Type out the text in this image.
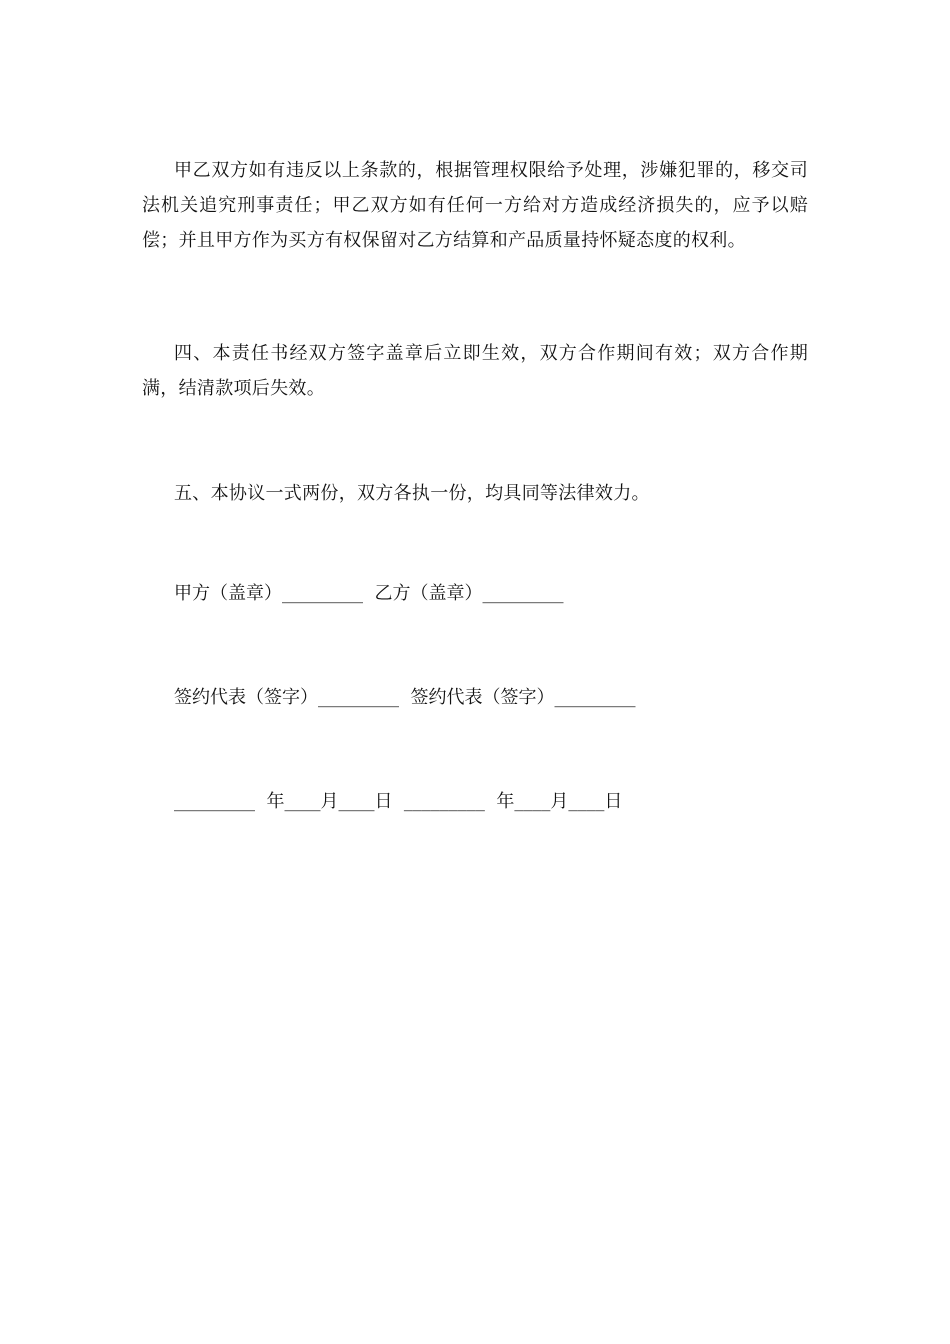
甲乙双方如有违反以上条款的，根据管理权限给予处理，涉嫌犯罪的，移交司法机关追究刑事责任；甲乙双方如有任何一方给对方造成经济损失的，应予以赔偿；并且甲方作为买方有权保留对乙方结算和产品质量持怀疑态度的权利。

四、本责任书经双方签字盖章后立即生效，双方合作期间有效；双方合作期满，结清款项后失效。

五、本协议一式两份，双方各执一份，均具同等法律效力。

甲方（盖章）_________  乙方（盖章）_________

签约代表（签字）_________  签约代表（签字）_________

_________  年____月____日  _________  年____月____日
